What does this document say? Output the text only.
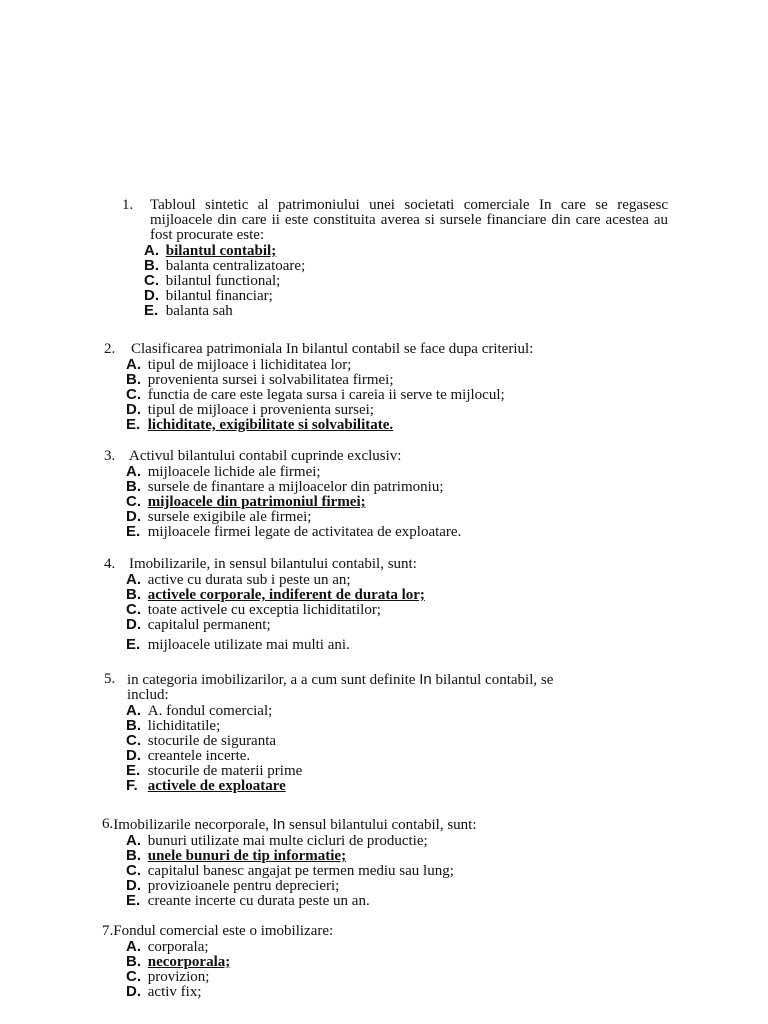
1.	Tabloul sintetic al patrimoniului unei societati comerciale In care se regasesc mijloacele din care ii este constituita averea si sursele financiare din care acestea au fost procurate este:
A.
bilantul contabil;
B.
balanta centralizatoare;
C.
bilantul functional;
D.
bilantul financiar;
E.
balanta sah
2.	Clasificarea patrimoniala In bilantul contabil se face dupa criteriul:
A.
tipul de mijloace i lichiditatea lor;
B.
provenienta sursei i solvabilitatea firmei;
C.
functia de care este legata sursa i careia ii serve te mijlocul;
D.
tipul de mijloace i provenienta sursei;
E.
lichiditate, exigibilitate si solvabilitate.
3. Activul bilantului contabil cuprinde exclusiv:
A.
mijloacele lichide ale firmei;
B.
sursele de finantare a mijloacelor din patrimoniu;
C.
mijloacele din patrimoniul firmei;
D.
sursele exigibile ale firmei;
E.
mijloacele firmei legate de activitatea de exploatare.
4. Imobilizarile, in sensul bilantului contabil, sunt:
A.
active cu durata sub i peste un an;
B.
activele corporale, indiferent de durata lor;
C.
toate activele cu exceptia lichiditatilor;
D.
capitalul permanent;
E.
mijloacele utilizate mai multi ani.
5. in categoria imobilizarilor, a a cum sunt definite In bilantul contabil, se
includ:
A.
A. fondul comercial;
B.
lichiditatile;
C.
stocurile de siguranta
D.
creantele incerte.
E.
stocurile de materii prime
F.
activele de exploatare
6. Imobilizarile necorporale, In sensul bilantului contabil, sunt:
A.
bunuri utilizate mai multe cicluri de productie;
B.
unele bunuri de tip informatie;
C.
capitalul banesc angajat pe termen mediu sau lung;
D.
provizioanele pentru deprecieri;
E.
creante incerte cu durata peste un an.
7. Fondul comercial este o imobilizare:
A.
corporala;
B.
necorporala;
C.
provizion;
D.
activ fix;
